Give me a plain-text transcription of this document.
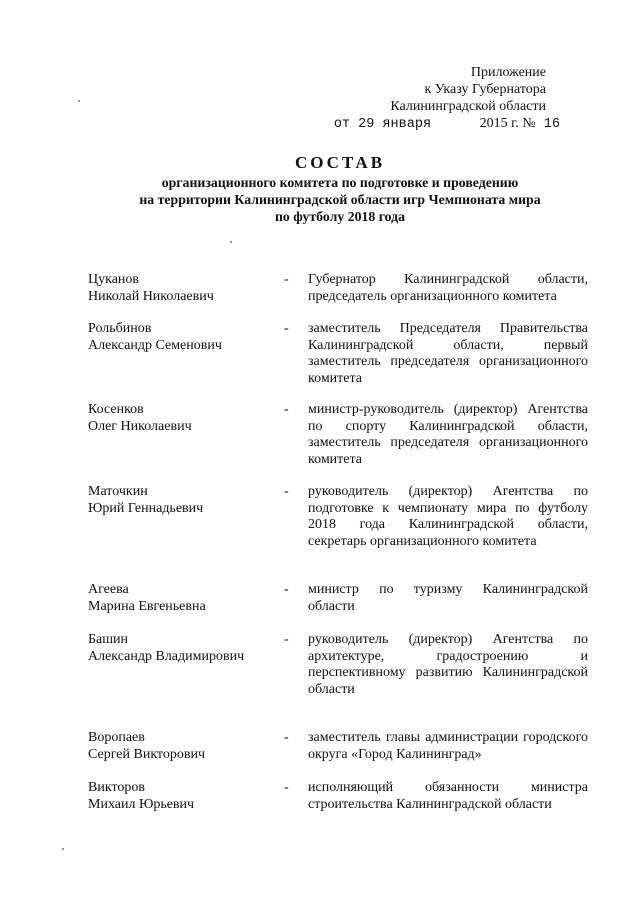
Приложение
к Указу Губернатора
Калининградской области
от 29 января	2015 г. № 16
СОСТАВ
организационного комитета по подготовке и проведению
на территории Калининградской области игр Чемпионата мира
по футболу 2018 года
Цуканов
Николай Николаевич
-	Губернатор Калининградской области, председатель организационного комитета
Рольбинов
Александр Семенович
-	заместитель Председателя Правительства Калининградской области, первый заместитель председателя организационного комитета
Косенков
Олег Николаевич
-	министр-руководитель (директор) Агентства по спорту Калининградской области, заместитель председателя организационного комитета
Маточкин
Юрий Геннадьевич
-	руководитель (директор) Агентства по подготовке к чемпионату мира по футболу 2018 года Калининградской области, секретарь организационного комитета
Агеева
Марина Евгеньевна
-	министр по туризму Калининградской области
Башин
Александр Владимирович
-	руководитель (директор) Агентства по архитектуре, градостроению и перспективному развитию Калининградской области
Воропаев
Сергей Викторович
-	заместитель главы администрации городского округа «Город Калининград»
Викторов
Михаил Юрьевич
-	исполняющий обязанности министра строительства Калининградской области
